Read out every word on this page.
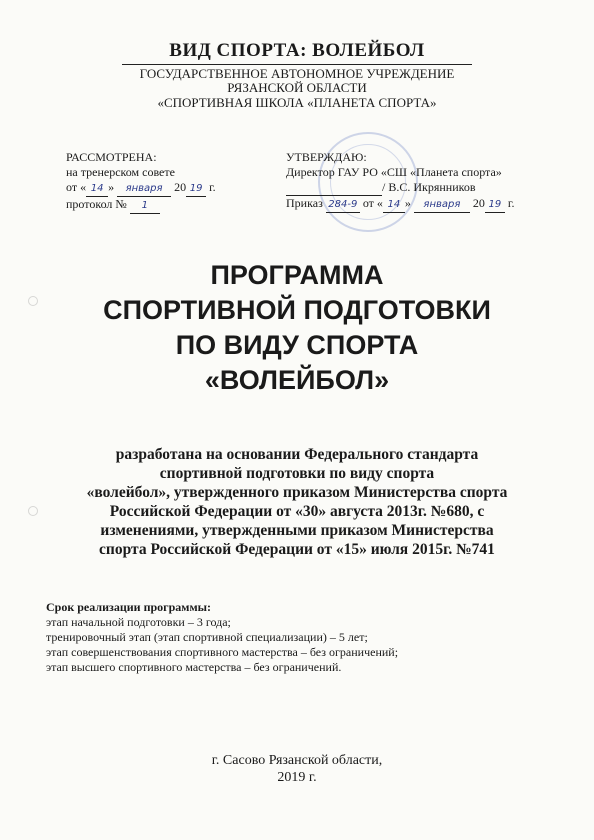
ВИД СПОРТА: ВОЛЕЙБОЛ
ГОСУДАРСТВЕННОЕ АВТОНОМНОЕ УЧРЕЖДЕНИЕ
РЯЗАНСКОЙ ОБЛАСТИ
«СПОРТИВНАЯ ШКОЛА «ПЛАНЕТА СПОРТА»
РАССМОТРЕНА:
на тренерском совете
от « 14 » января 20 19 г.
протокол № 1
УТВЕРЖДАЮ:
Директор ГАУ РО «СШ «Планета спорта»
/ В.С. Икрянников
Приказ 284-9 от « 14 » января 20 19 г.
ПРОГРАММА
СПОРТИВНОЙ ПОДГОТОВКИ
ПО ВИДУ СПОРТА
«ВОЛЕЙБОЛ»
разработана на основании Федерального стандарта
спортивной подготовки по виду спорта
«волейбол», утвержденного приказом Министерства спорта
Российской Федерации от «30» августа 2013г. №680, с
изменениями, утвержденными приказом Министерства
спорта Российской Федерации от «15» июля 2015г. №741
Срок реализации программы:
этап начальной подготовки – 3 года;
тренировочный этап (этап спортивной специализации) – 5 лет;
этап совершенствования спортивного мастерства – без ограничений;
этап высшего спортивного мастерства – без ограничений.
г. Сасово Рязанской области,
2019 г.
